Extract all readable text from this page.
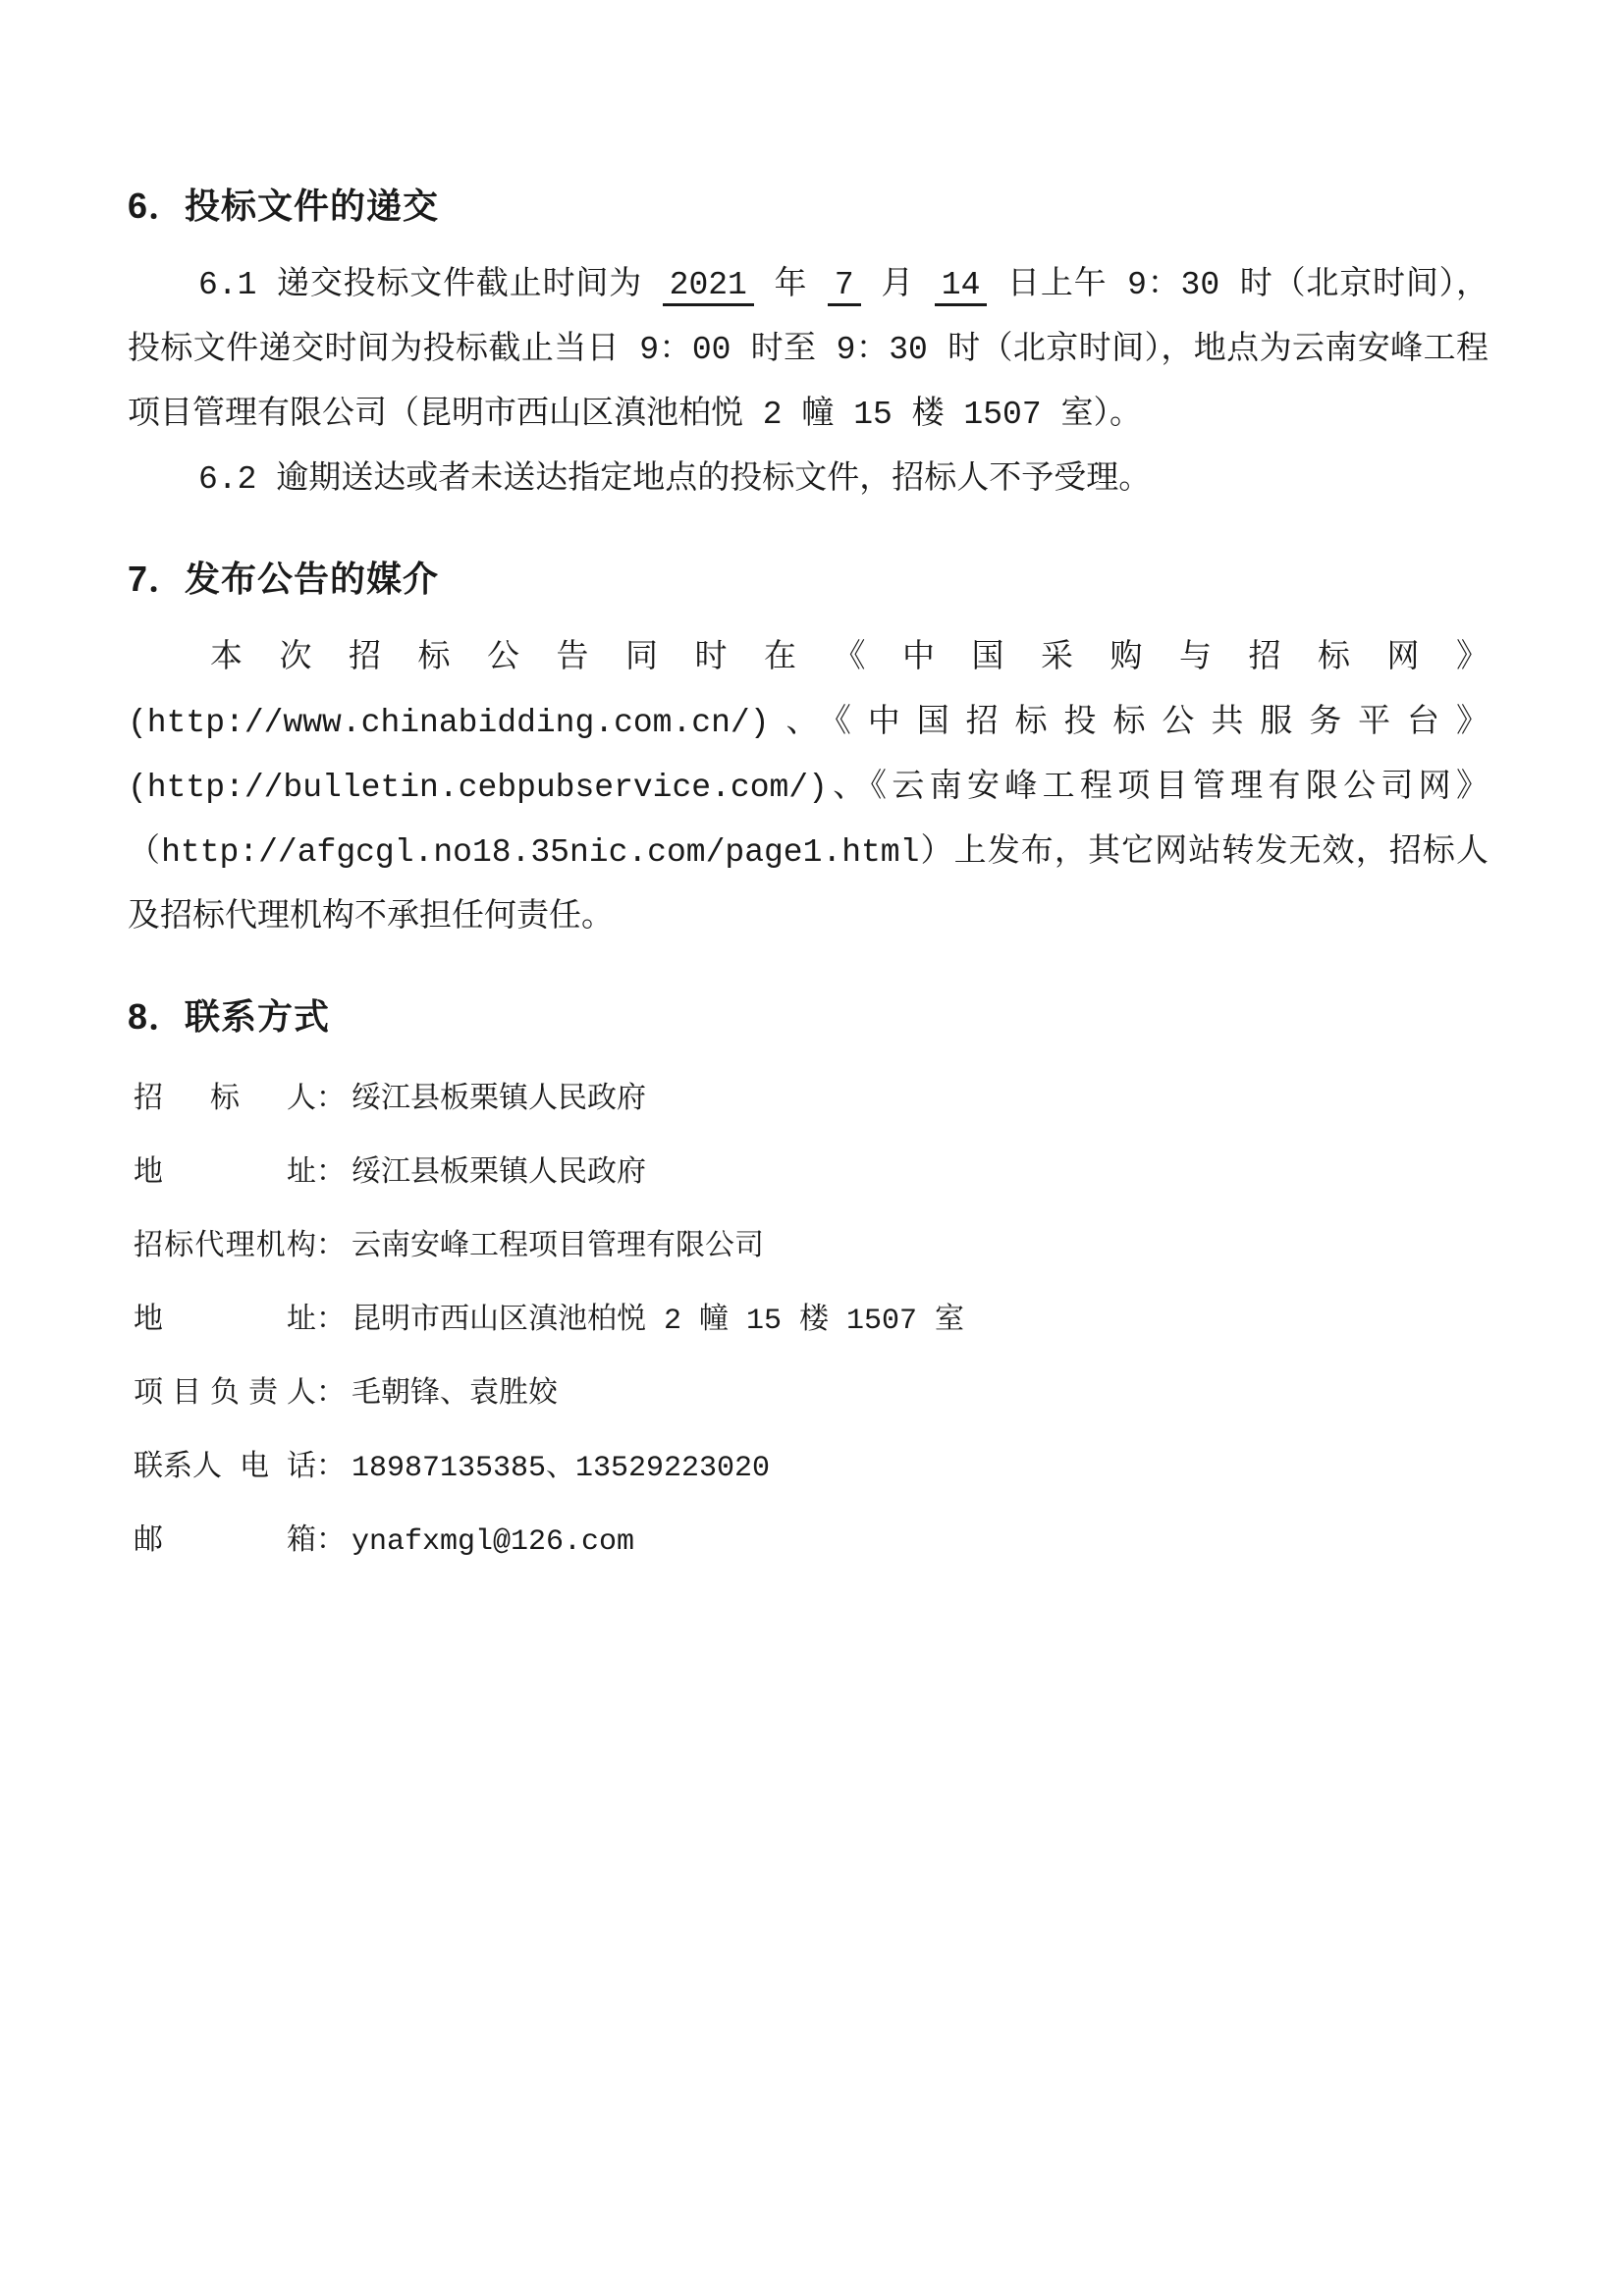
6．投标文件的递交

6.1 递交投标文件截止时间为 2021 年 7 月 14 日上午 9：30 时（北京时间），投标文件递交时间为投标截止当日 9：00 时至 9：30 时（北京时间），地点为云南安峰工程项目管理有限公司（昆明市西山区滇池柏悦 2 幢 15 楼 1507 室）。

6.2 逾期送达或者未送达指定地点的投标文件，招标人不予受理。

7．发布公告的媒介

本次招标公告同时在《中国采购与招标网》(http://www.chinabidding.com.cn/)、《中国招标投标公共服务平台》(http://bulletin.cebpubservice.com/)、《云南安峰工程项目管理有限公司网》（http://afgcgl.no18.35nic.com/page1.html）上发布，其它网站转发无效，招标人及招标代理机构不承担任何责任。

8．联系方式
招标人： 绥江县板栗镇人民政府
地址： 绥江县板栗镇人民政府
招标代理机构： 云南安峰工程项目管理有限公司
地址： 昆明市西山区滇池柏悦 2 幢 15 楼 1507 室
项目负责人： 毛朝锋、袁胜姣
联系人 电 话： 18987135385、13529223020
邮箱： ynafxmgl@126.com
